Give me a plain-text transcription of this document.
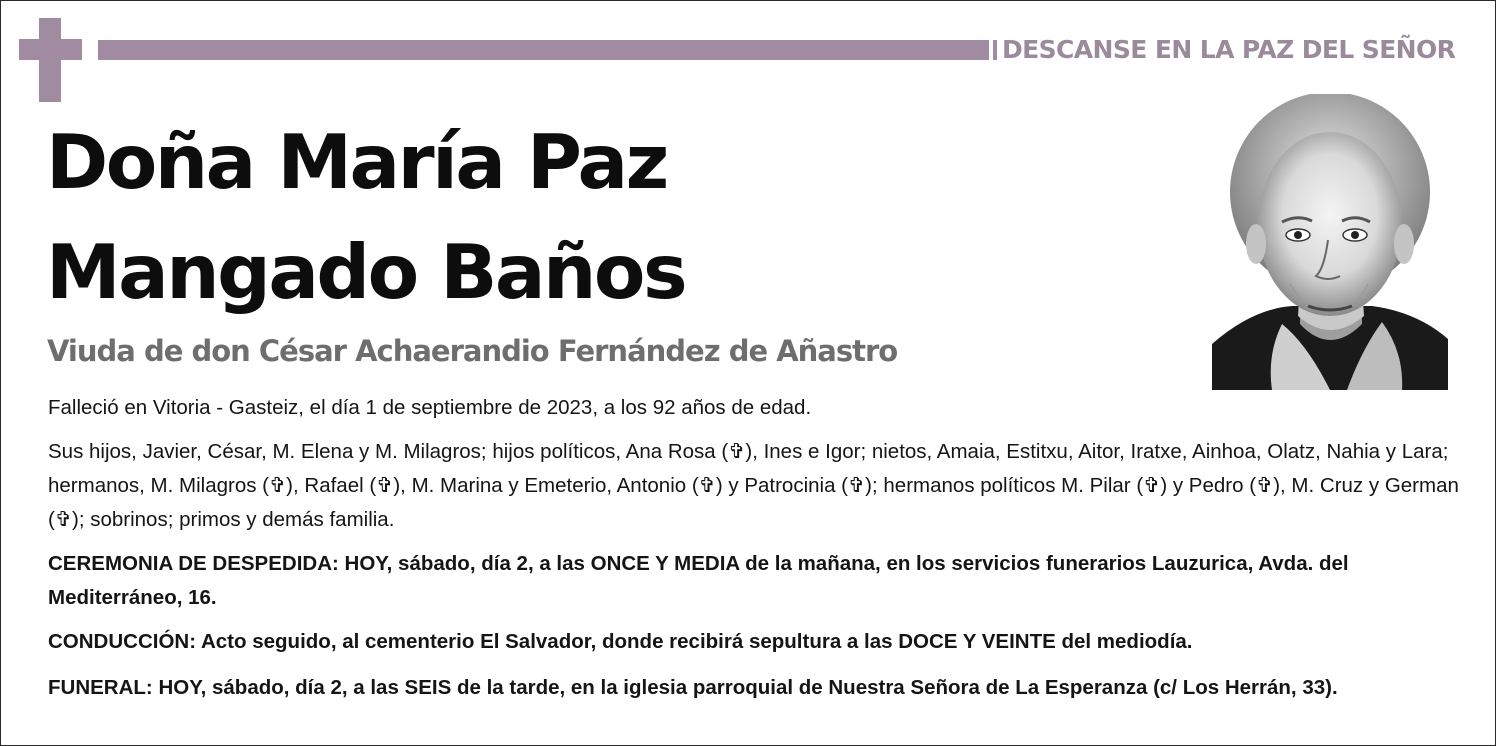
DESCANSE EN LA PAZ DEL SEÑOR
Doña María Paz
Mangado Baños
Viuda de don César Achaerandio Fernández de Añastro

Falleció en Vitoria - Gasteiz, el día 1 de septiembre de 2023, a los 92 años de edad.

Sus hijos, Javier, César, M. Elena y M. Milagros; hijos políticos, Ana Rosa (✞), Ines e Igor; nietos, Amaia, Estitxu, Aitor, Iratxe, Ainhoa, Olatz, Nahia y Lara; hermanos, M. Milagros (✞), Rafael (✞), M. Marina y Emeterio, Antonio (✞) y Patrocinia (✞); hermanos políticos M. Pilar (✞) y Pedro (✞), M. Cruz y German (✞); sobrinos; primos y demás familia.

CEREMONIA DE DESPEDIDA: HOY, sábado, día 2, a las ONCE Y MEDIA de la mañana, en los servicios funerarios Lauzurica, Avda. del Mediterráneo, 16.

CONDUCCIÓN: Acto seguido, al cementerio El Salvador, donde recibirá sepultura a las DOCE Y VEINTE del mediodía.

FUNERAL: HOY, sábado, día 2, a las SEIS de la tarde, en la iglesia parroquial de Nuestra Señora de La Esperanza (c/ Los Herrán, 33).
